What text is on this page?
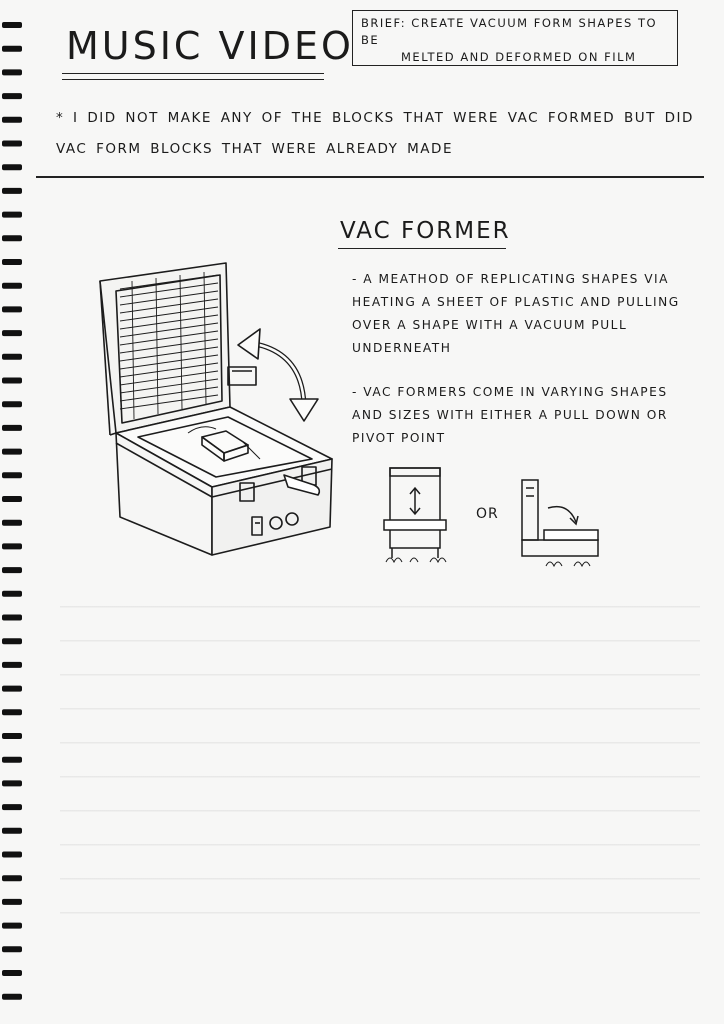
MUSIC VIDEO
BRIEF: CREATE VACUUM FORM SHAPES TO BE
MELTED AND DEFORMED ON FILM
* I DID NOT MAKE ANY OF THE BLOCKS THAT WERE VAC FORMED BUT DID VAC FORM BLOCKS THAT WERE ALREADY MADE
VAC FORMER
- A MEATHOD OF REPLICATING SHAPES VIA HEATING A SHEET OF PLASTIC AND PULLING OVER A SHAPE WITH A VACUUM PULL UNDERNEATH
- VAC FORMERS COME IN VARYING SHAPES AND SIZES WITH EITHER A PULL DOWN OR PIVOT POINT
OR
